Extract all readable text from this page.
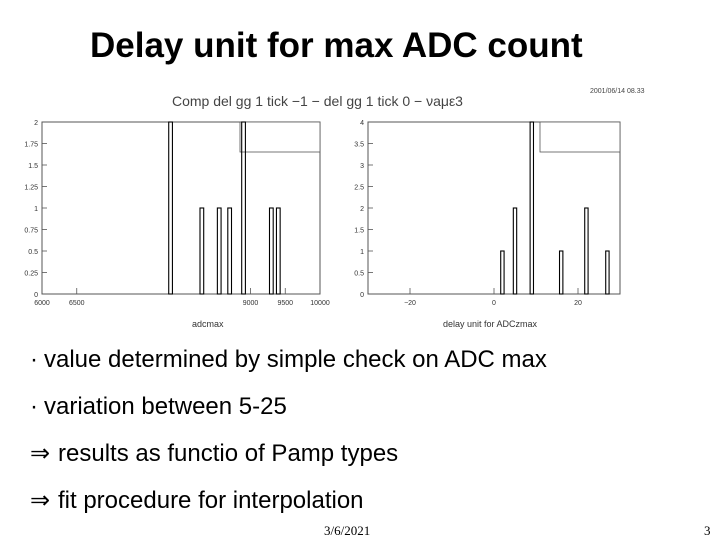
Delay unit for max ADC count
Comp del gg 1 tick −1 − del gg 1 tick 0 − νaμε3
2001/06/14 08.33
0
0.25
0.5
0.75
1
1.25
1.5
1.75
2
6000	6500	9000	9500 10000
adcmax
0
0.5
1
1.5
2
2.5
3
3.5
4
−20	0	20
delay unit for ADCzmax
· value determined by simple check on ADC max
· variation between 5-25
⇒ results as functio of Pamp types
⇒ fit procedure for interpolation
3/6/2021	3
